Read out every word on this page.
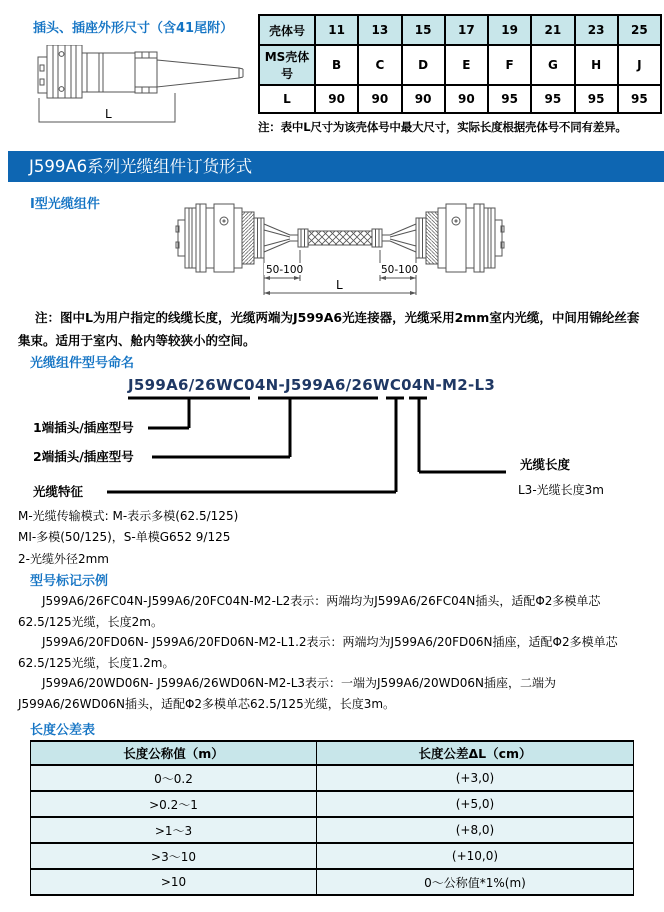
插头、插座外形尺寸（含41尾附）
L
壳体号	11	13	15	17	19	21	23	25
MS壳体号	B	C	D	E	F	G	H	J
L	90	90	90	90	95	95	95	95
注：表中L尺寸为该壳体号中最大尺寸，实际长度根据壳体号不同有差异。
J599A6系列光缆组件订货形式
I型光缆组件
50-100	50-100
L
注：图中L为用户指定的线缆长度，光缆两端为J599A6光连接器，光缆采用2mm室内光缆，中间用锦纶丝套
集束。适用于室内、舱内等较狭小的空间。
光缆组件型号命名
J599A6/26WC04N-J599A6/26WC04N-M2-L3
1端插头/插座型号
2端插头/插座型号
光缆特征
光缆长度
L3-光缆长度3m
M-光缆传输模式: M-表示多模(62.5/125)
MI-多模(50/125)，S-单模G652 9/125
2-光缆外径2mm
型号标记示例

J599A6/26FC04N-J599A6/20FC04N-M2-L2表示：两端均为J599A6/26FC04N插头，适配Φ2多模单芯62.5/125光缆，长度2m。

J599A6/20FD06N- J599A6/20FD06N-M2-L1.2表示：两端均为J599A6/20FD06N插座，适配Φ2多模单芯62.5/125光缆，长度1.2m。

J599A6/20WD06N- J599A6/26WD06N-M2-L3表示：一端为J599A6/20WD06N插座，二端为J599A6/26WD06N插头，适配Φ2多模单芯62.5/125光缆，长度3m。

长度公差表
长度公称值（m）	长度公差ΔL（cm）
0～0.2	(+3,0)
>0.2～1	(+5,0)
>1～3	(+8,0)
>3～10	(+10,0)
>10	0～公称值*1%(m)
